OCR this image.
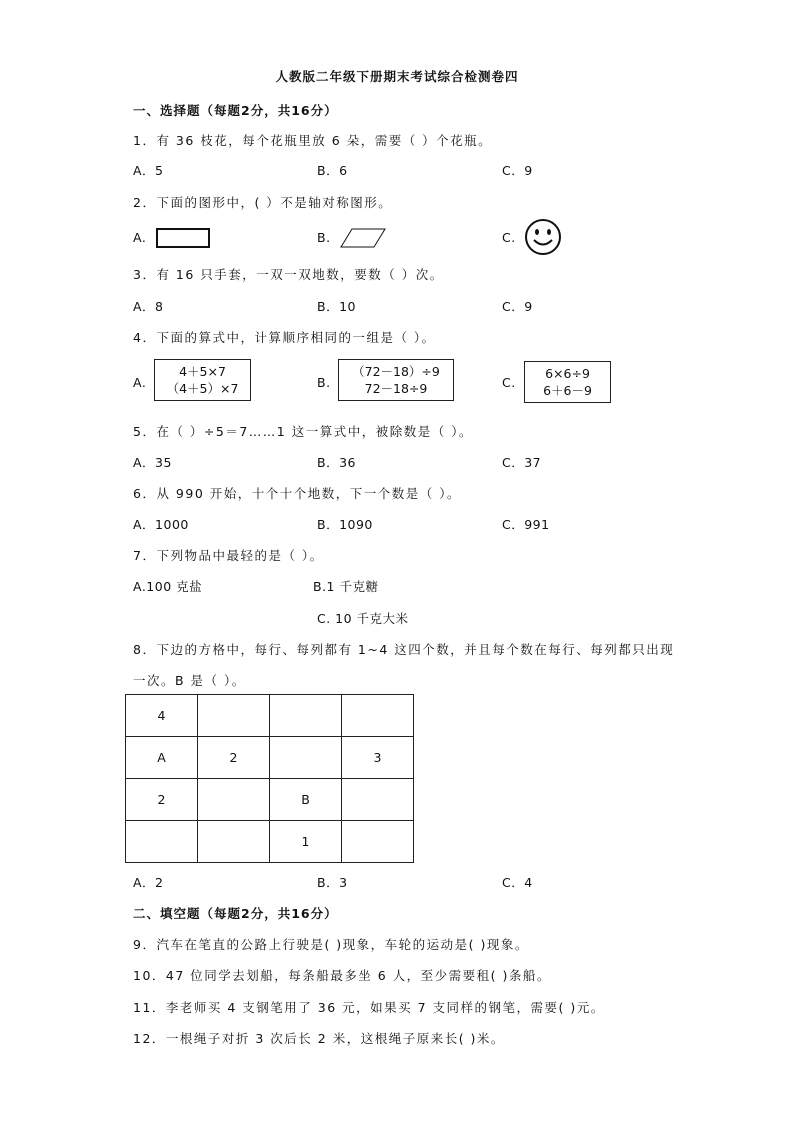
人教版二年级下册期末考试综合检测卷四
一、选择题（每题2分，共16分）
1．有 36 枝花，每个花瓶里放 6 朵，需要（ ）个花瓶。
A．5	B．6	C．9
2．下面的图形中，( ）不是轴对称图形。
A.	B.	C.
3．有 16 只手套，一双一双地数，要数（ ）次。
A．8	B．10	C．9
4．下面的算式中，计算顺序相同的一组是（ ）。
A.
4＋5×7
（4＋5）×7	B.
（72－18）÷9
72－18÷9	C.
6×6÷9
6＋6－9
5．在（ ）÷5＝7……1 这一算式中，被除数是（ ）。
A．35	B．36	C．37
6．从 990 开始，十个十个地数，下一个数是（ ）。
A．1000	B．1090	C．991
7．下列物品中最轻的是（ ）。
A.100 克盐	B.1 千克糖
C. 10 千克大米
8．下边的方格中，每行、每列都有 1~4 这四个数，并且每个数在每行、每列都只出现
一次。B 是（ ）。
4			
A	2		3
2		B	
		1	
A．2	B．3	C．4
二、填空题（每题2分，共16分）
9．汽车在笔直的公路上行驶是( )现象，车轮的运动是( )现象。
10．47 位同学去划船，每条船最多坐 6 人，至少需要租( )条船。
11．李老师买 4 支钢笔用了 36 元，如果买 7 支同样的钢笔，需要( )元。
12．一根绳子对折 3 次后长 2 米，这根绳子原来长( )米。
